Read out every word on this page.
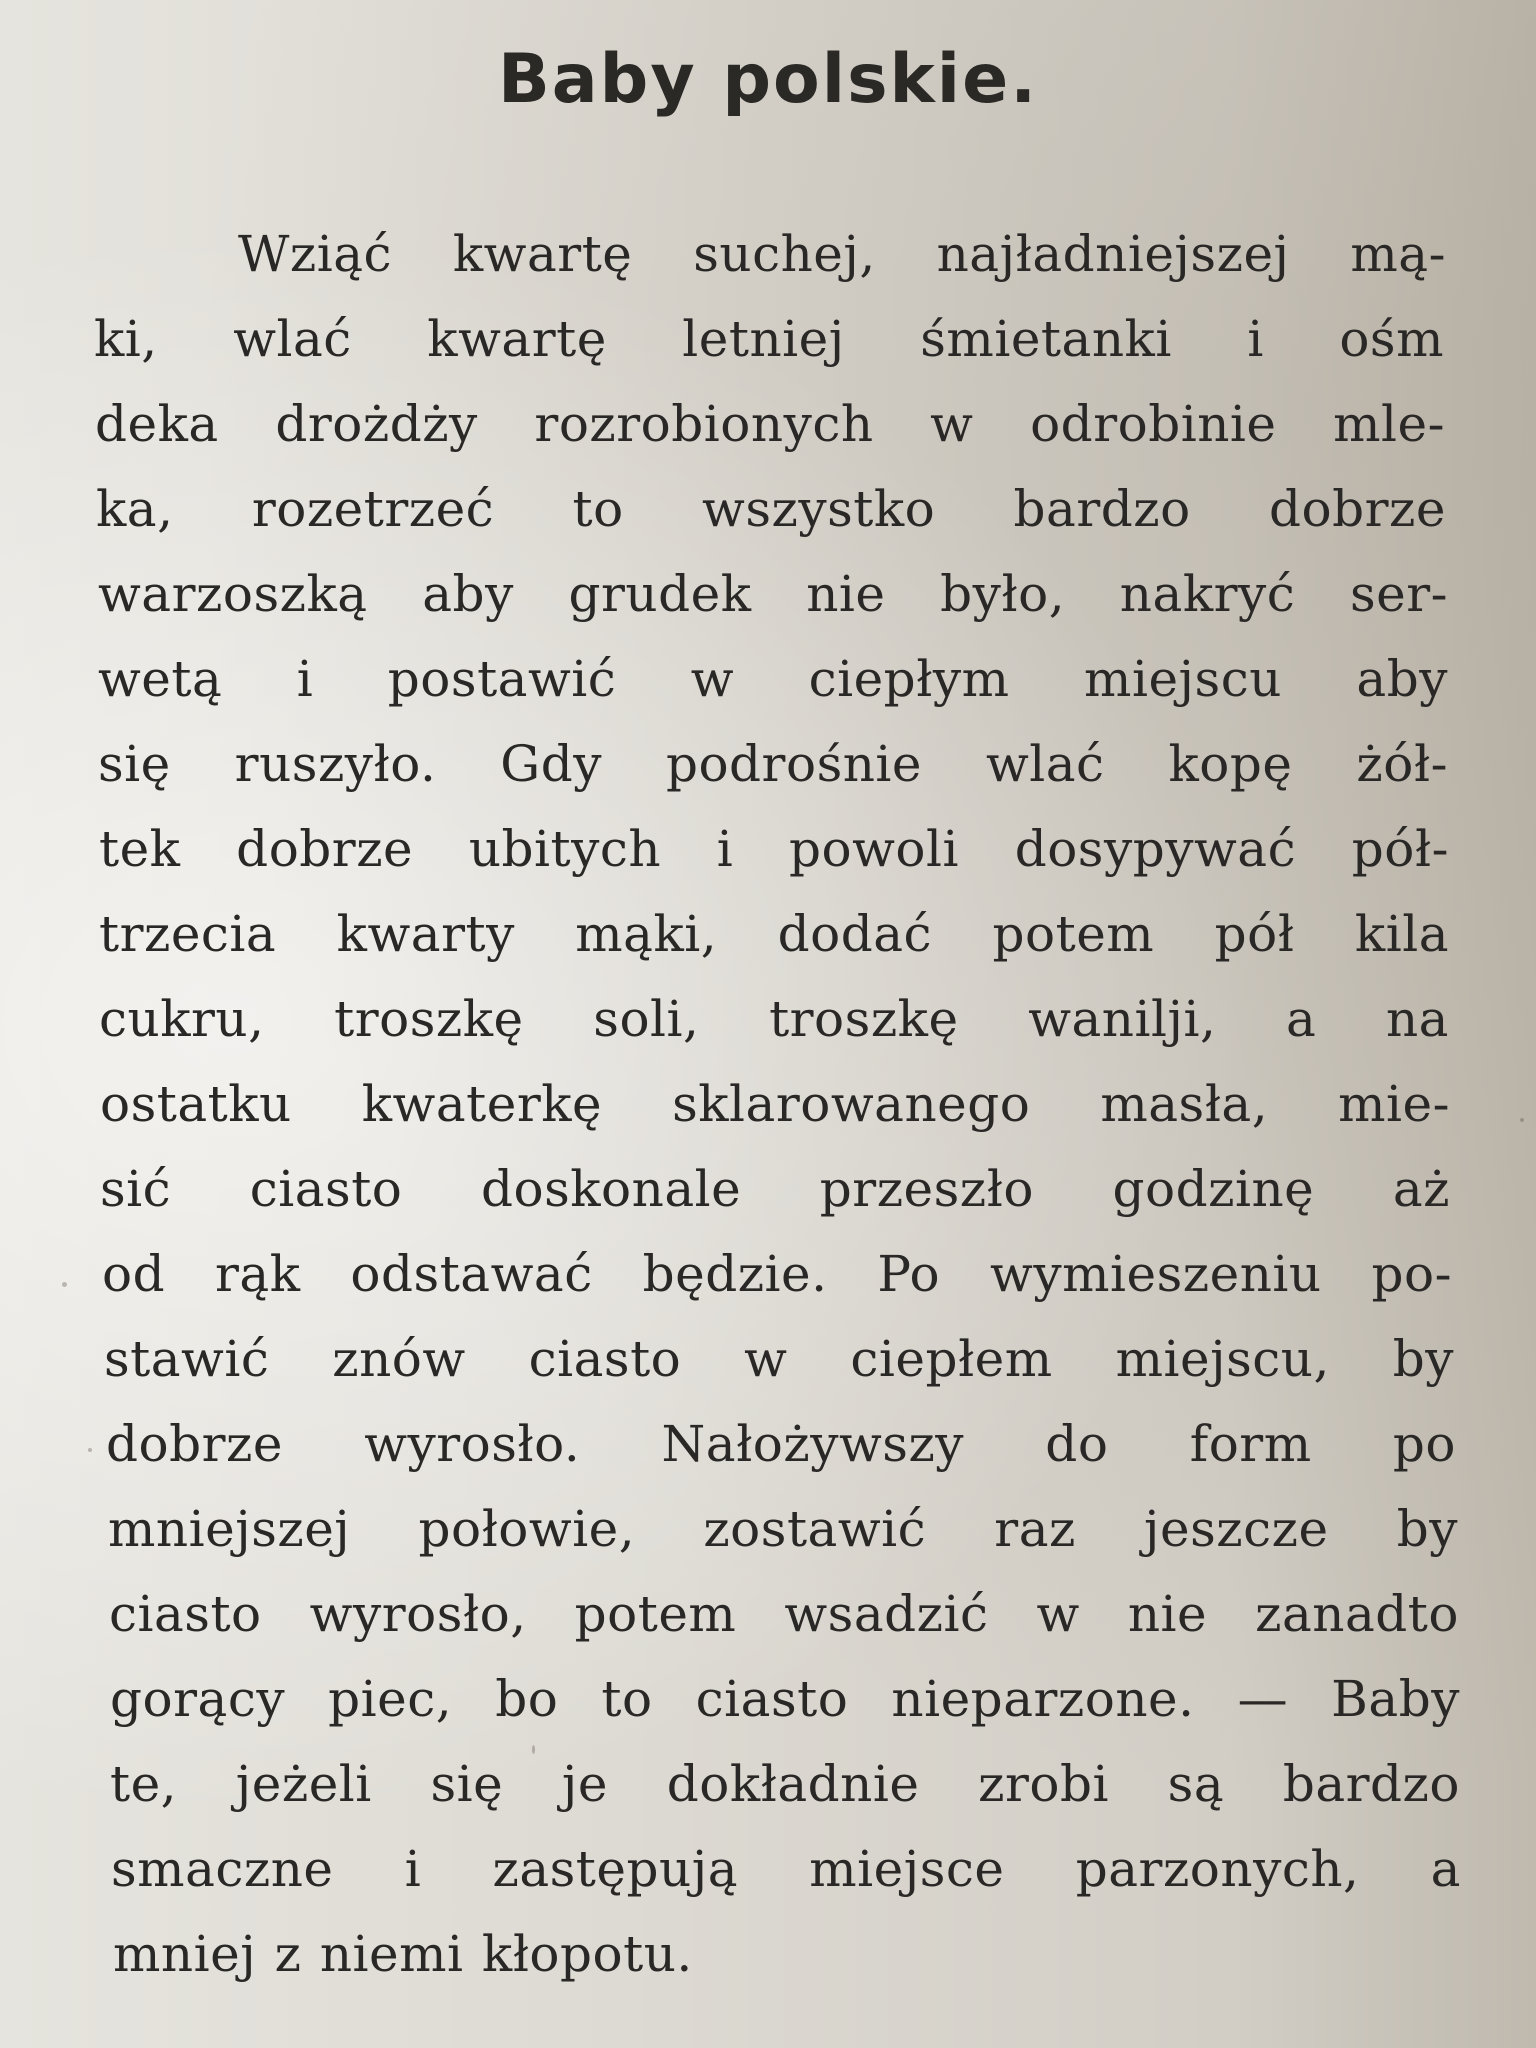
Baby polskie.
Wziąć kwartę suchej, najładniejszej mą-
ki, wlać kwartę letniej śmietanki i ośm
deka drożdży rozrobionych w odrobinie mle-
ka, rozetrzeć to wszystko bardzo dobrze
warzoszką aby grudek nie było, nakryć ser-
wetą i postawić w ciepłym miejscu aby
się ruszyło. Gdy podrośnie wlać kopę żół-
tek dobrze ubitych i powoli dosypywać pół-
trzecia kwarty mąki, dodać potem pół kila
cukru, troszkę soli, troszkę wanilji, a na
ostatku kwaterkę sklarowanego masła, mie-
sić ciasto doskonale przeszło godzinę aż
od rąk odstawać będzie. Po wymieszeniu po-
stawić znów ciasto w ciepłem miejscu, by
dobrze wyrosło. Nałożywszy do form po
mniejszej połowie, zostawić raz jeszcze by
ciasto wyrosło, potem wsadzić w nie zanadto
gorący piec, bo to ciasto nieparzone. — Baby
te, jeżeli się je dokładnie zrobi są bardzo
smaczne i zastępują miejsce parzonych, a
mniej z niemi kłopotu.
